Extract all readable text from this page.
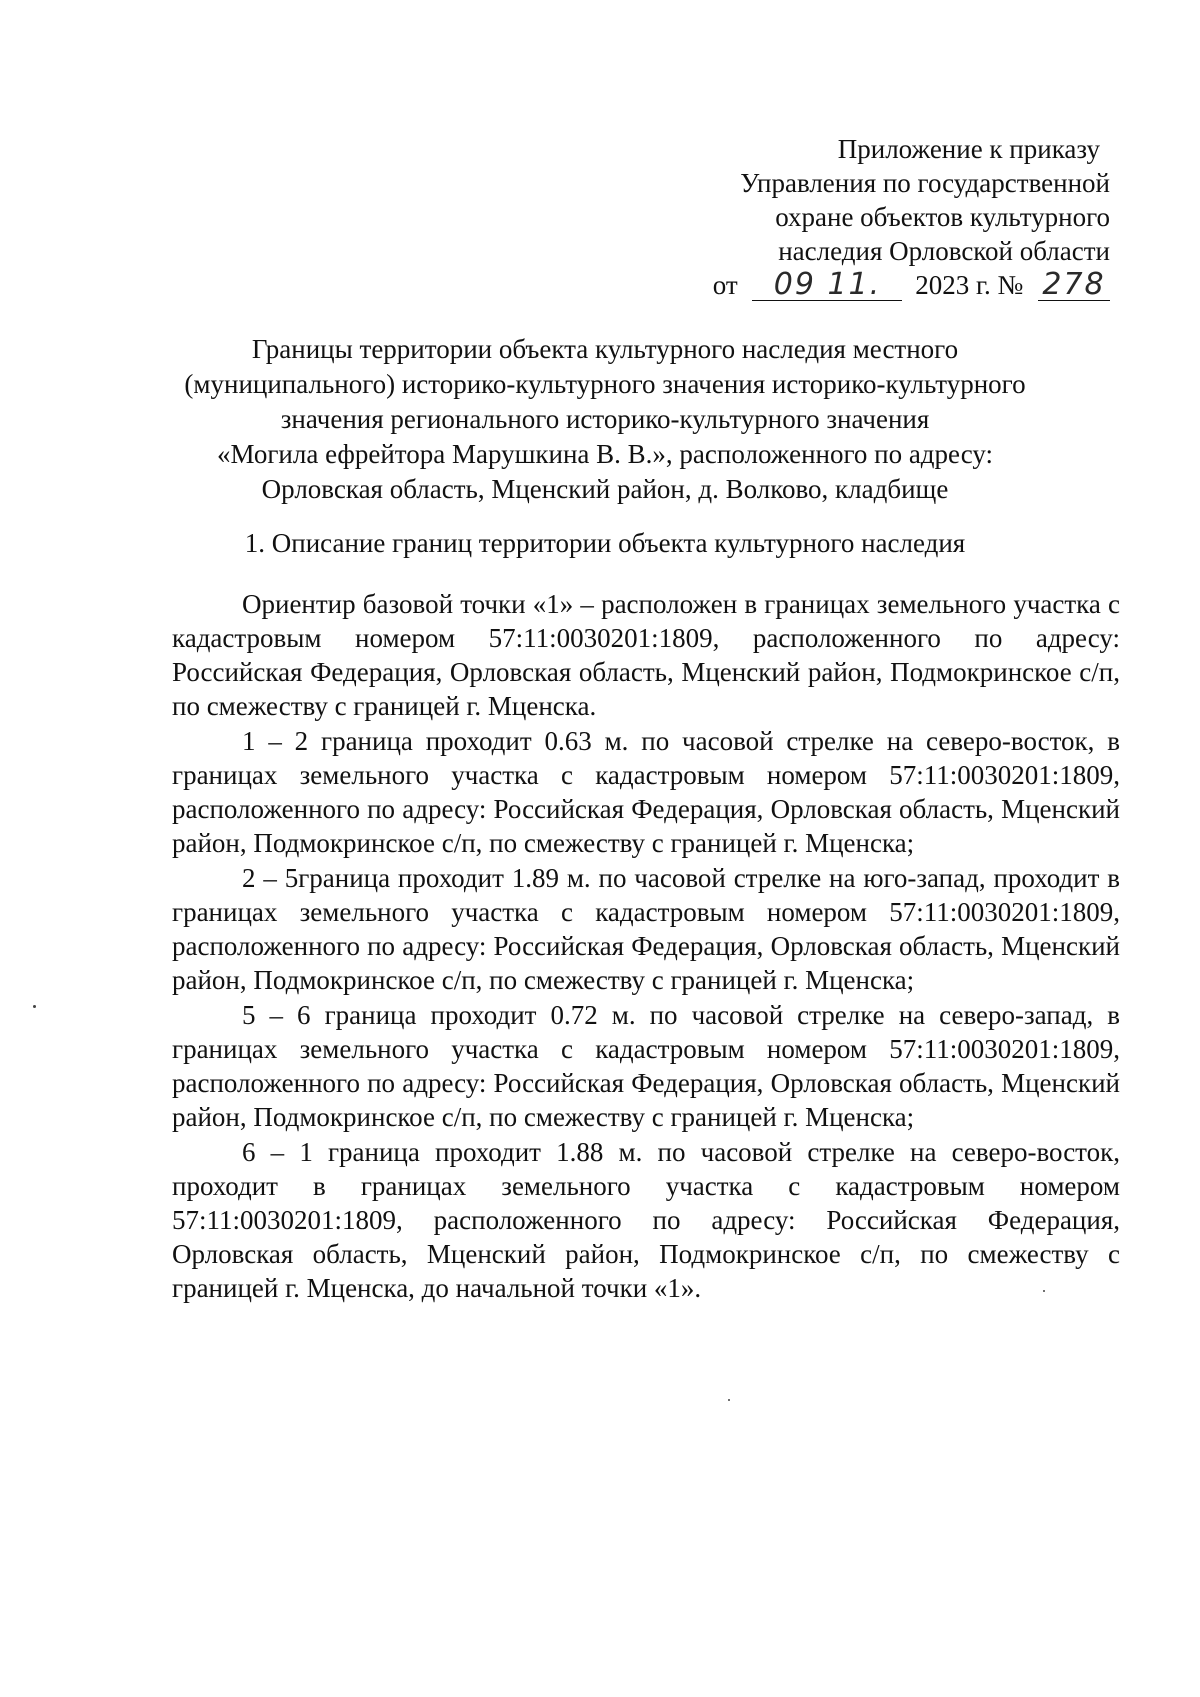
Приложение к приказу
Управления по государственной
охране объектов культурного
наследия Орловской области
от 09 11. 2023 г. № 278
Границы территории объекта культурного наследия местного
(муниципального) историко-культурного значения историко-культурного
значения регионального историко-культурного значения
«Могила ефрейтора Марушкина В. В.», расположенного по адресу:
Орловская область, Мценский район, д. Волково, кладбище
1. Описание границ территории объекта культурного наследия

Ориентир базовой точки «1» – расположен в границах земельного участка с кадастровым номером 57:11:0030201:1809, расположенного по адресу: Российская Федерация, Орловская область, Мценский район, Подмокринское с/п, по смежеству с границей г. Мценска.

1 – 2 граница проходит 0.63 м. по часовой стрелке на северо-восток, в границах земельного участка с кадастровым номером 57:11:0030201:1809, расположенного по адресу: Российская Федерация, Орловская область, Мценский район, Подмокринское с/п, по смежеству с границей г. Мценска;

2 – 5граница проходит 1.89 м. по часовой стрелке на юго-запад, проходит в границах земельного участка с кадастровым номером 57:11:0030201:1809, расположенного по адресу: Российская Федерация, Орловская область, Мценский район, Подмокринское с/п, по смежеству с границей г. Мценска;

5 – 6 граница проходит 0.72 м. по часовой стрелке на северо-запад, в границах земельного участка с кадастровым номером 57:11:0030201:1809, расположенного по адресу: Российская Федерация, Орловская область, Мценский район, Подмокринское с/п, по смежеству с границей г. Мценска;

6 – 1 граница проходит 1.88 м. по часовой стрелке на северо-восток, проходит в границах земельного участка с кадастровым номером 57:11:0030201:1809, расположенного по адресу: Российская Федерация, Орловская область, Мценский район, Подмокринское с/п, по смежеству с границей г. Мценска, до начальной точки «1».
